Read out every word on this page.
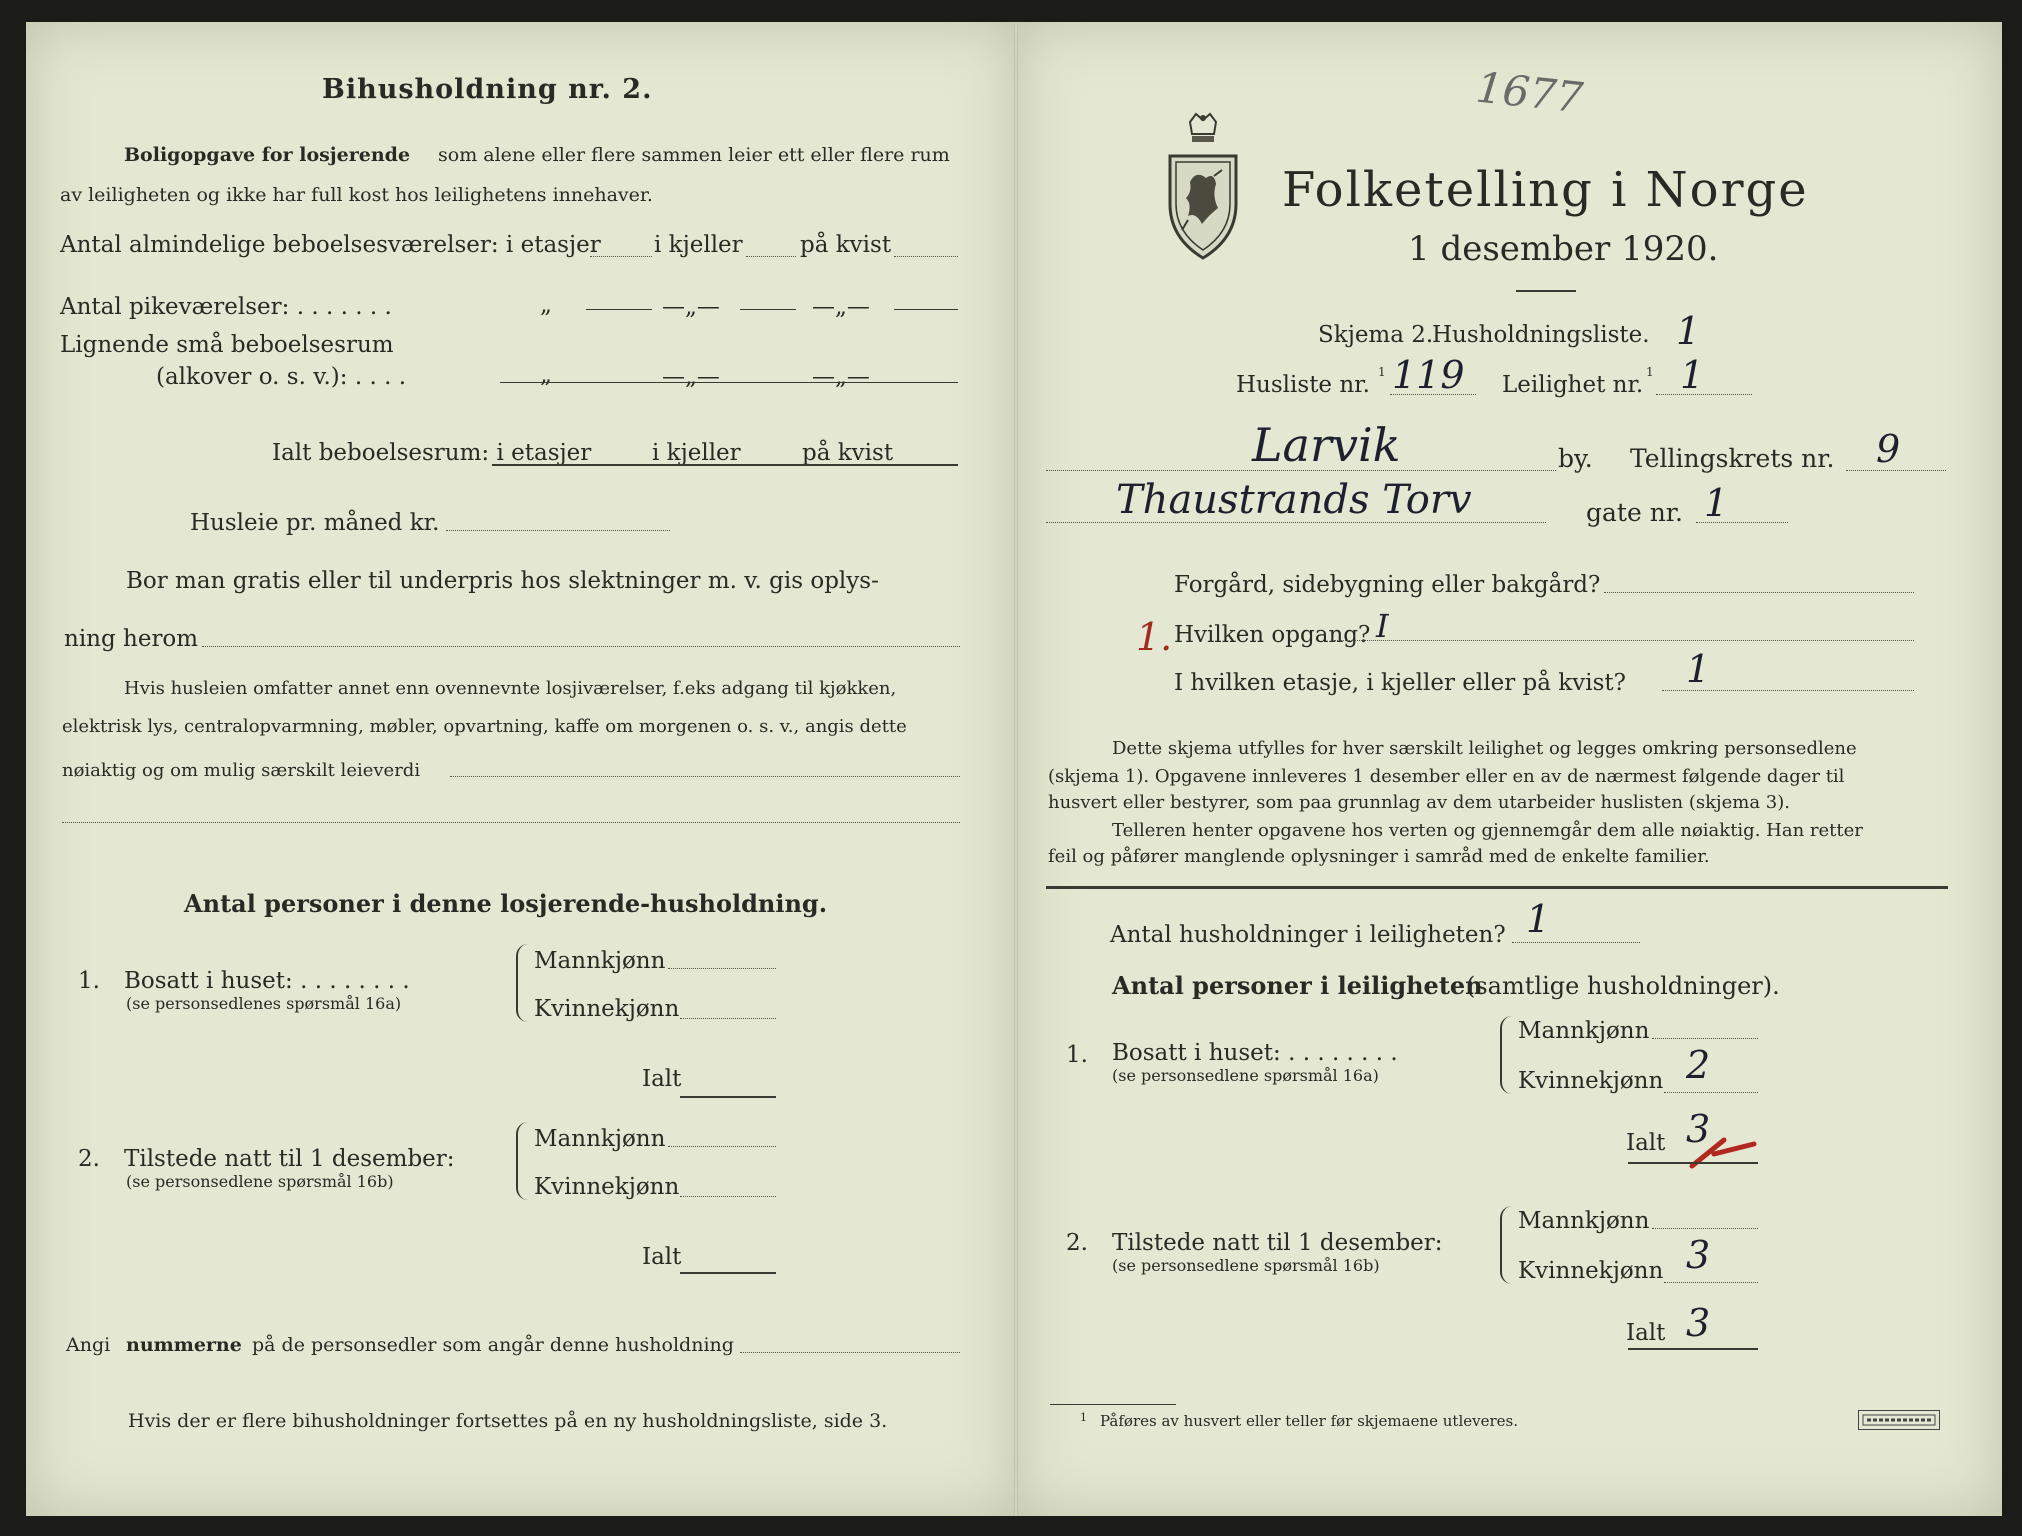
Bihusholdning nr. 2.
Boligopgave for losjerende som alene eller flere sammen leier ett eller flere rum
av leiligheten og ikke har full kost hos leilighetens innehaver.
Antal almindelige beboelsesværelser: i etasjer i kjeller på kvist
Antal pikeværelser: . . . . . . .	„	—„—	—„—
Lignende små beboelsesrum
(alkover o. s. v.): . . . .	„	—„—	—„—
Ialt beboelsesrum: i etasjer	i kjeller	på kvist
Husleie pr. måned kr.
Bor man gratis eller til underpris hos slektninger m. v. gis oplys-
ning herom
Hvis husleien omfatter annet enn ovennevnte losjiværelser, f.eks adgang til kjøkken,
elektrisk lys, centralopvarmning, møbler, opvartning, kaffe om morgenen o. s. v., angis dette
nøiaktig og om mulig særskilt leieverdi
Antal personer i denne losjerende-husholdning.
1. Bosatt i huset: . . . . . . . .
(se personsedlenes spørsmål 16a)
Mannkjønn
Kvinnekjønn
Ialt
2. Tilstede natt til 1 desember:
(se personsedlene spørsmål 16b)
Mannkjønn
Kvinnekjønn
Ialt
Angi nummerne på de personsedler som angår denne husholdning
Hvis der er flere bihusholdninger fortsettes på en ny husholdningsliste, side 3.
1677
Folketelling i Norge
1 desember 1920.
Skjema 2.
Husholdningsliste. 1
Husliste nr. 1 119 Leilighet nr. 1 1
Larvik	by. Tellingskrets nr. 9
Thaustrands Torv	gate nr. 1
Forgård, sidebygning eller bakgård?
1. Hvilken opgang? I
I hvilken etasje, i kjeller eller på kvist? 1
Dette skjema utfylles for hver særskilt leilighet og legges omkring personsedlene
(skjema 1). Opgavene innleveres 1 desember eller en av de nærmest følgende dager til
husvert eller bestyrer, som paa grunnlag av dem utarbeider huslisten (skjema 3).
Telleren henter opgavene hos verten og gjennemgår dem alle nøiaktig. Han retter
feil og påfører manglende oplysninger i samråd med de enkelte familier.
Antal husholdninger i leiligheten? 1
Antal personer i leiligheten
(samtlige husholdninger).
1. Bosatt i huset: . . . . . . . .
(se personsedlene spørsmål 16a)
Mannkjønn
Kvinnekjønn 2
Ialt 3
2. Tilstede natt til 1 desember:
(se personsedlene spørsmål 16b)
Mannkjønn
Kvinnekjønn 3
Ialt 3
1 Påføres av husvert eller teller før skjemaene utleveres.
